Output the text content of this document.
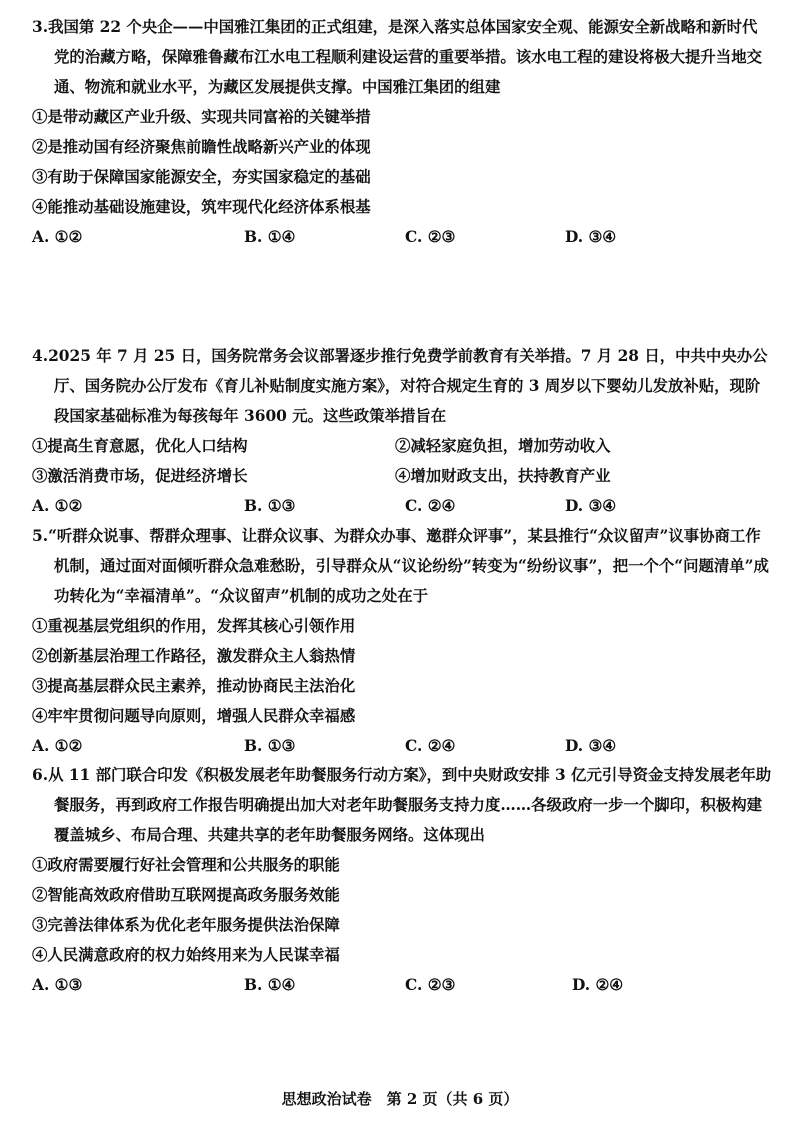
3.我国第 22 个央企——中国雅江集团的正式组建，是深入落实总体国家安全观、能源安全新战略和新时代党的治藏方略，保障雅鲁藏布江水电工程顺利建设运营的重要举措。该水电工程的建设将极大提升当地交通、物流和就业水平，为藏区发展提供支撑。中国雅江集团的组建
①是带动藏区产业升级、实现共同富裕的关键举措
②是推动国有经济聚焦前瞻性战略新兴产业的体现
③有助于保障国家能源安全，夯实国家稳定的基础
④能推动基础设施建设，筑牢现代化经济体系根基
A. ①②	B. ①④	C. ②③	D. ③④
4.2025 年 7 月 25 日，国务院常务会议部署逐步推行免费学前教育有关举措。7 月 28 日，中共中央办公厅、国务院办公厅发布《育儿补贴制度实施方案》，对符合规定生育的 3 周岁以下婴幼儿发放补贴，现阶段国家基础标准为每孩每年 3600 元。这些政策举措旨在
①提高生育意愿，优化人口结构	②减轻家庭负担，增加劳动收入
③激活消费市场，促进经济增长	④增加财政支出，扶持教育产业
A. ①②	B. ①③	C. ②④	D. ③④
5.“听群众说事、帮群众理事、让群众议事、为群众办事、邀群众评事”，某县推行“众议留声”议事协商工作机制，通过面对面倾听群众急难愁盼，引导群众从“议论纷纷”转变为“纷纷议事”，把一个个“问题清单”成功转化为“幸福清单”。“众议留声”机制的成功之处在于
①重视基层党组织的作用，发挥其核心引领作用
②创新基层治理工作路径，激发群众主人翁热情
③提高基层群众民主素养，推动协商民主法治化
④牢牢贯彻问题导向原则，增强人民群众幸福感
A. ①②	B. ①③	C. ②④	D. ③④
6.从 11 部门联合印发《积极发展老年助餐服务行动方案》，到中央财政安排 3 亿元引导资金支持发展老年助餐服务，再到政府工作报告明确提出加大对老年助餐服务支持力度……各级政府一步一个脚印，积极构建覆盖城乡、布局合理、共建共享的老年助餐服务网络。这体现出
①政府需要履行好社会管理和公共服务的职能
②智能高效政府借助互联网提高政务服务效能
③完善法律体系为优化老年服务提供法治保障
④人民满意政府的权力始终用来为人民谋幸福
A. ①③	B. ①④	C. ②③	D. ②④
思想政治试卷　第 2 页（共 6 页）
